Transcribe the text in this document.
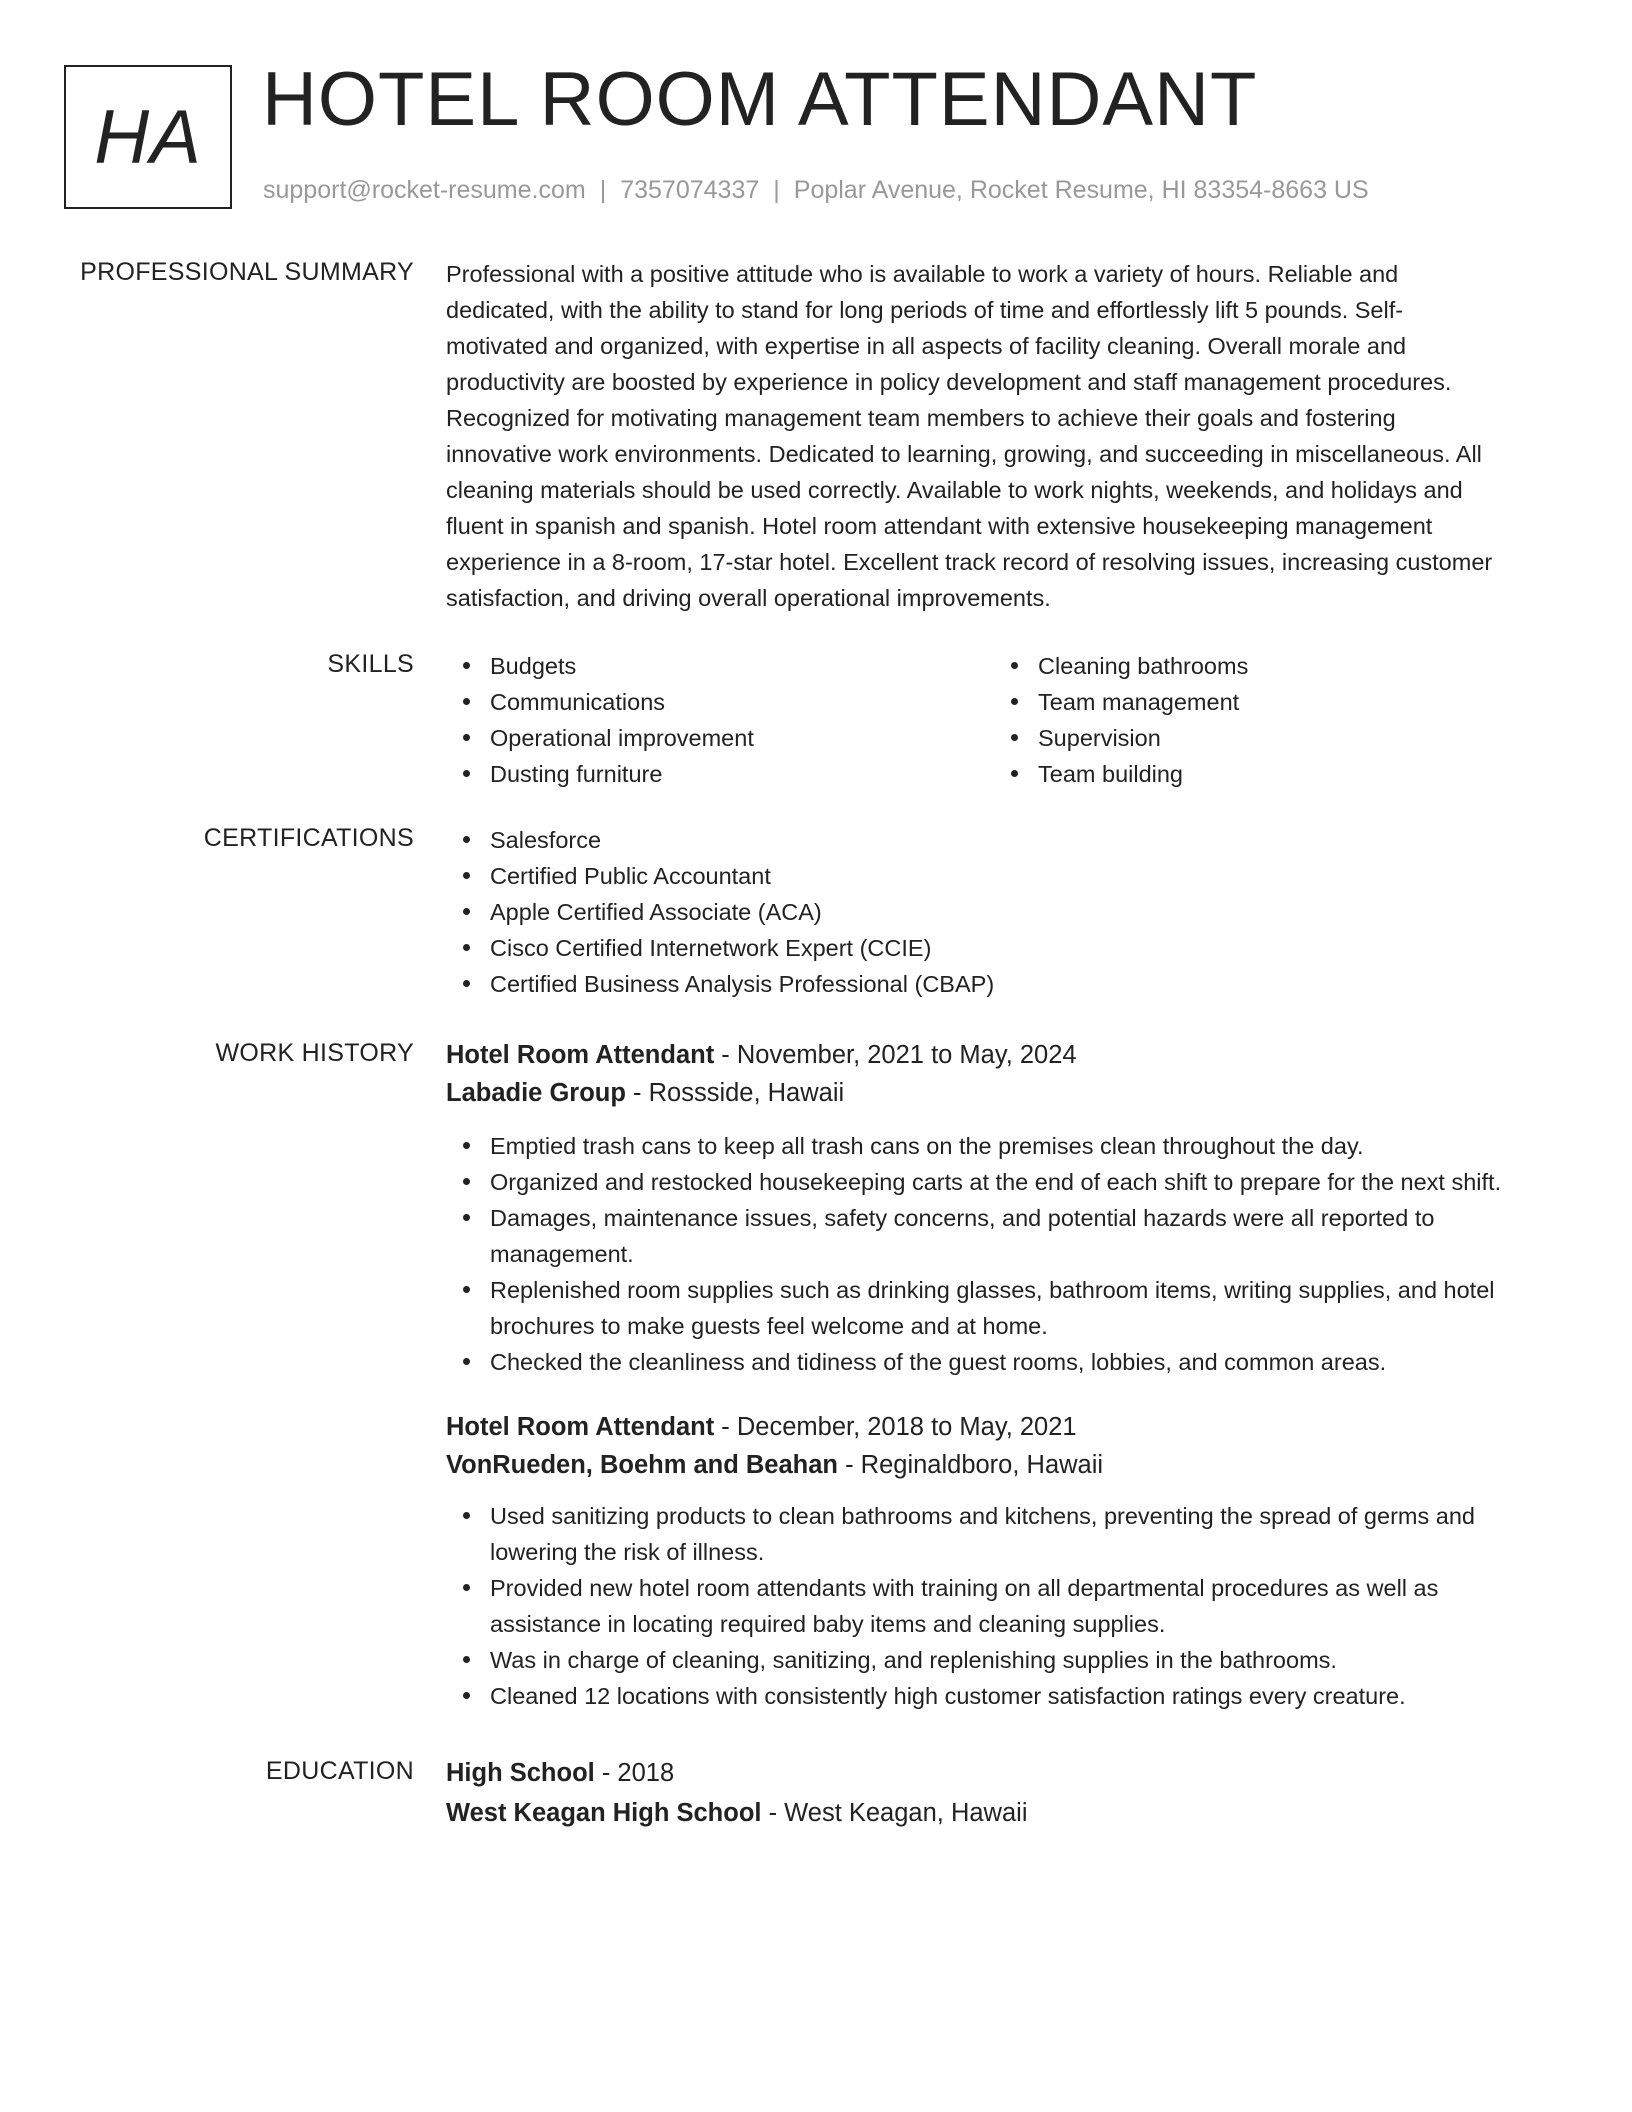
HA HOTEL ROOM ATTENDANT
support@rocket-resume.com | 7357074337 | Poplar Avenue, Rocket Resume, HI 83354-8663 US
PROFESSIONAL SUMMARY Professional with a positive attitude who is available to work a variety of hours. Reliable and
dedicated, with the ability to stand for long periods of time and effortlessly lift 5 pounds. Self-
motivated and organized, with expertise in all aspects of facility cleaning. Overall morale and
productivity are boosted by experience in policy development and staff management procedures.
Recognized for motivating management team members to achieve their goals and fostering
innovative work environments. Dedicated to learning, growing, and succeeding in miscellaneous. All
cleaning materials should be used correctly. Available to work nights, weekends, and holidays and
fluent in spanish and spanish. Hotel room attendant with extensive housekeeping management
experience in a 8-room, 17-star hotel. Excellent track record of resolving issues, increasing customer
satisfaction, and driving overall operational improvements.
SKILLS	Budgets
Communications
Operational improvement
Dusting furniture
Cleaning bathrooms
Team management
Supervision
Team building
CERTIFICATIONS	Salesforce
Certified Public Accountant
Apple Certified Associate (ACA)
Cisco Certified Internetwork Expert (CCIE)
Certified Business Analysis Professional (CBAP)
WORK HISTORY Hotel Room Attendant - November, 2021 to May, 2024
Labadie Group - Rossside, Hawaii
Emptied trash cans to keep all trash cans on the premises clean throughout the day.
Organized and restocked housekeeping carts at the end of each shift to prepare for the next shift.
Damages, maintenance issues, safety concerns, and potential hazards were all reported to management.
Replenished room supplies such as drinking glasses, bathroom items, writing supplies, and hotel brochures to make guests feel welcome and at home.
Checked the cleanliness and tidiness of the guest rooms, lobbies, and common areas.
Hotel Room Attendant - December, 2018 to May, 2021
VonRueden, Boehm and Beahan - Reginaldboro, Hawaii
Used sanitizing products to clean bathrooms and kitchens, preventing the spread of germs and lowering the risk of illness.
Provided new hotel room attendants with training on all departmental procedures as well as assistance in locating required baby items and cleaning supplies.
Was in charge of cleaning, sanitizing, and replenishing supplies in the bathrooms.
Cleaned 12 locations with consistently high customer satisfaction ratings every creature.
EDUCATION High School - 2018
West Keagan High School - West Keagan, Hawaii
